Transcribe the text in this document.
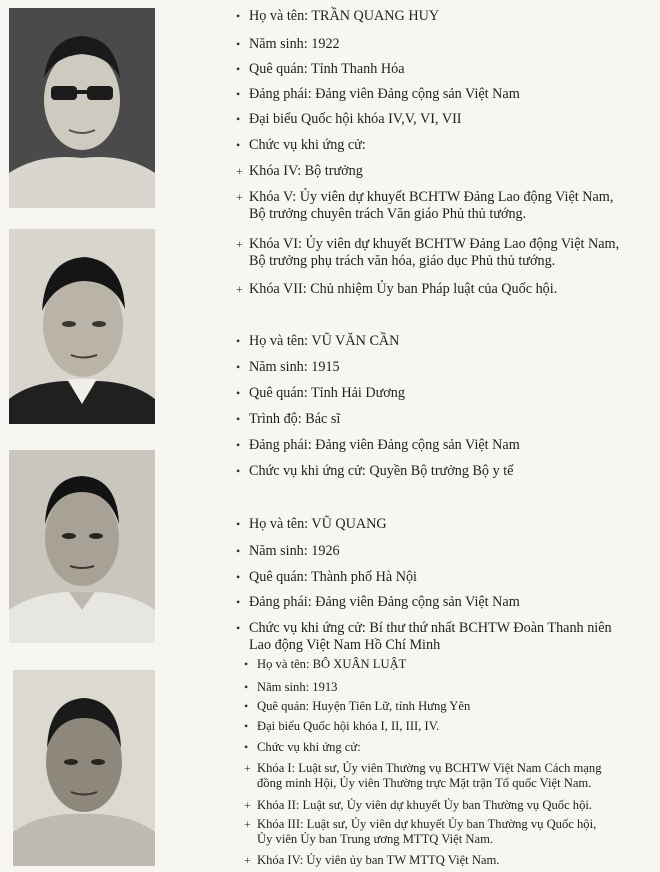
• Họ và tên: TRẦN QUANG HUY
• Năm sinh: 1922
• Quê quán: Tỉnh Thanh Hóa
• Đảng phái: Đảng viên Đảng cộng sản Việt Nam
• Đại biểu Quốc hội khóa IV,V, VI, VII
• Chức vụ khi ứng cử:
+ Khóa IV: Bộ trưởng
+ Khóa V: Ủy viên dự khuyết BCHTW Đảng Lao động Việt Nam,
Bộ trưởng chuyên trách Văn giáo Phủ thủ tướng.
+ Khóa VI: Ủy viên dự khuyết BCHTW Đảng Lao động Việt Nam,
Bộ trưởng phụ trách văn hóa, giáo dục Phủ thủ tướng.
+ Khóa VII: Chủ nhiệm Ủy ban Pháp luật của Quốc hội.
• Họ và tên: VŨ VĂN CẦN
• Năm sinh: 1915
• Quê quán: Tỉnh Hải Dương
• Trình độ: Bác sĩ
• Đảng phái: Đảng viên Đảng cộng sản Việt Nam
• Chức vụ khi ứng cử: Quyền Bộ trưởng Bộ y tế
• Họ và tên: VŨ QUANG
• Năm sinh: 1926
• Quê quán: Thành phố Hà Nội
• Đảng phái: Đảng viên Đảng cộng sản Việt Nam
• Chức vụ khi ứng cử: Bí thư thứ nhất BCHTW Đoàn Thanh niên
Lao động Việt Nam Hồ Chí Minh
• Họ và tên: BÔ XUÂN LUẬT
• Năm sinh: 1913
• Quê quán: Huyện Tiên Lữ, tỉnh Hưng Yên
• Đại biểu Quốc hội khóa I, II, III, IV.
• Chức vụ khi ứng cử:
+ Khóa I: Luật sư, Ủy viên Thường vụ BCHTW Việt Nam Cách mạng
đồng minh Hội, Ủy viên Thường trực Mặt trận Tổ quốc Việt Nam.
+ Khóa II: Luật sư, Ủy viên dự khuyết Ủy ban Thường vụ Quốc hội.
+ Khóa III: Luật sư, Ủy viên dự khuyết Ủy ban Thường vụ Quốc hội,
Ủy viên Ủy ban Trung ương MTTQ Việt Nam.
+ Khóa IV: Ủy viên ủy ban TW MTTQ Việt Nam.
